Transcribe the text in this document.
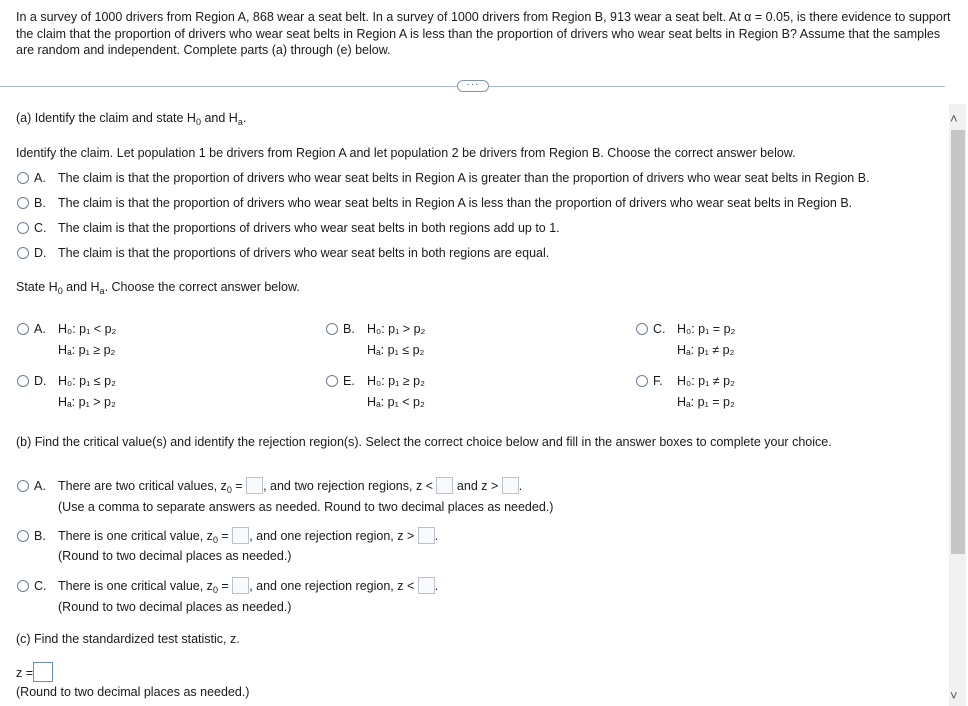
In a survey of 1000 drivers from Region A, 868 wear a seat belt. In a survey of 1000 drivers from Region B, 913 wear a seat belt. At α = 0.05, is there evidence to support the claim that the proportion of drivers who wear seat belts in Region A is less than the proportion of drivers who wear seat belts in Region B? Assume that the samples are random and independent. Complete parts (a) through (e) below.
···
(a) Identify the claim and state $H_0$ and $H_a$.
Identify the claim. Let population 1 be drivers from Region A and let population 2 be drivers from Region B. Choose the correct answer below.
A. The claim is that the proportion of drivers who wear seat belts in Region A is greater than the proportion of drivers who wear seat belts in Region B.
B. The claim is that the proportion of drivers who wear seat belts in Region A is less than the proportion of drivers who wear seat belts in Region B.
C. The claim is that the proportions of drivers who wear seat belts in both regions add up to 1.
D. The claim is that the proportions of drivers who wear seat belts in both regions are equal.
State $H_0$ and $H_a$. Choose the correct answer below.
A. H₀: p₁ < p₂
Hₐ: p₁ ≥ p₂
B. H₀: p₁ > p₂
Hₐ: p₁ ≤ p₂
C. H₀: p₁ = p₂
Hₐ: p₁ ≠ p₂
D. H₀: p₁ ≤ p₂
Hₐ: p₁ > p₂
E. H₀: p₁ ≥ p₂
Hₐ: p₁ < p₂
F. H₀: p₁ ≠ p₂
Hₐ: p₁ = p₂
(b) Find the critical value(s) and identify the rejection region(s). Select the correct choice below and fill in the answer boxes to complete your choice.
A. There are two critical values, $z_0$ = , and two rejection regions, z <  and z > .
(Use a comma to separate answers as needed. Round to two decimal places as needed.)
B. There is one critical value, $z_0$ = , and one rejection region, z > .
(Round to two decimal places as needed.)
C. There is one critical value, $z_0$ = , and one rejection region, z < .
(Round to two decimal places as needed.)
(c) Find the standardized test statistic, z.
z =
(Round to two decimal places as needed.)
˄
˅
